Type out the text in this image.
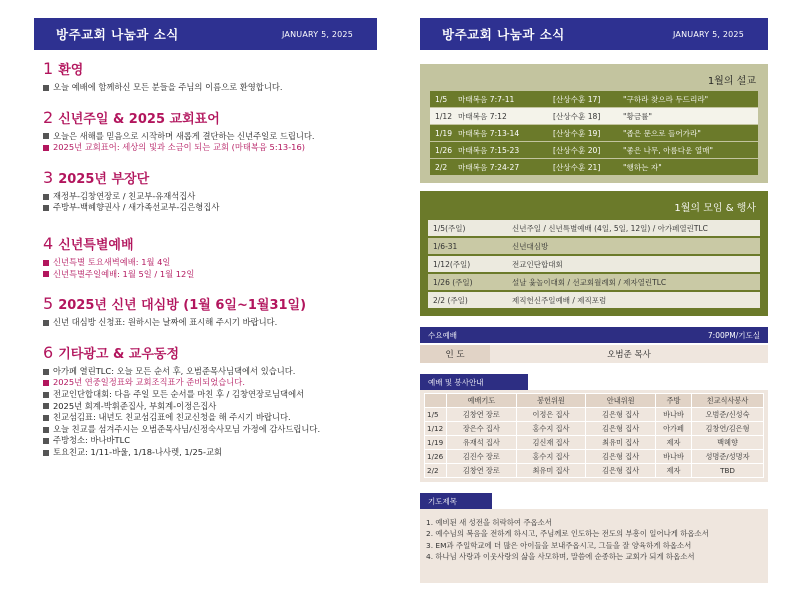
방주교회 나눔과 소식	JANUARY 5, 2025
1 환영
오늘 예배에 함께하신 모든 분들을 주님의 이름으로 환영합니다.
2 신년주일 & 2025 교회표어
오늘은 새해를 믿음으로 시작하며 새롭게 결단하는 신년주일로 드립니다.
2025년 교회표어: 세상의 빛과 소금이 되는 교회 (마태복음 5:13-16)
3 2025년 부장단
재정부-김창연장로 / 친교부-유재석집사
주방부-백혜향권사 / 새가족선교부-김은형집사
4 신년특별예배
신년특별 토요새벽예배: 1월 4일
신년특별주일예배: 1월 5일 / 1월 12일
5 2025년 신년 대심방 (1월 6일~1월31일)
신년 대심방 신청표: 원하시는 날짜에 표시해 주시기 바랍니다.
6 기타광고 & 교우동정
아가페 열린TLC: 오늘 모든 순서 후, 오범준목사님댁에서 있습니다.
2025년 연중일정표와 교회조직표가 준비되었습니다.
전교인단합대회: 다음 주일 모든 순서를 마친 후 / 김창연장로님댁에서
2025년 회계-박휘준집사, 부회계-이정은집사
친교섬김표: 내년도 친교섬김표에 친교신청을 해 주시기 바랍니다.
오늘 친교를 섬겨주시는 오범준목사님/신정숙사모님 가정에 감사드립니다.
주방청소: 바나바TLC
토요친교: 1/11-바울, 1/18-나사렛, 1/25-교회
방주교회 나눔과 소식	JANUARY 5, 2025
1월의 설교
1/5	마태복음 7:7-11	[산상수훈 17]	"구하라 찾으라 두드리라"
1/12 마태복음 7:12	[산상수훈 18]	"황금률"
1/19 마태복음 7:13-14	[산상수훈 19]	"좁은 문으로 들어가라"
1/26 마태복음 7:15-23	[산상수훈 20]	"좋은 나무, 아름다운 열매"
2/2	마태복음 7:24-27	[산상수훈 21]	"행하는 자"
1월의 모임 & 행사
1/5(주일)	신년주일 / 신년특별예배 (4일, 5일, 12일) / 아가페열린TLC
1/6-31	신년대심방
1/12(주일)	전교인단합대회
1/26 (주일)	설날 윷놀이대회 / 선교회월례회 / 제자열린TLC
2/2 (주일)	제직헌신주일예배 / 제직포럼
수요예배	7:00PM/기도실
인 도	오범준 목사
예배 및 봉사안내
	예배기도	봉헌위원	안내위원	주방	친교식사봉사
1/5	김창연 장로	이정은 집사	김은형 집사	바나바	오범준/신성숙
1/12	장은수 집사	홍수지 집사	김은형 집사	아가페	김창연/김은형
1/19	유재석 집사	김신재 집사	최유미 집사	제자	백혜향
1/26	김진수 장로	홍수지 집사	김은형 집사	바나바	성명준/성명자
2/2	김창연 장로	최유미 집사	김은형 집사	제자	TBD
기도제목
1. 예비된 새 성전을 허락하여 주옵소서
2. 예수님의 복음을 전하게 하시고, 주님께로 인도하는 전도의 부흥이 일어나게 하옵소서
3. EM과 주일학교에 더 많은 아이들을 보내주옵시고, 그들을 잘 양육하게 하옵소서
4. 하나님 사랑과 이웃사랑의 삶을 사모하며, 말씀에 순종하는 교회가 되게 하옵소서
